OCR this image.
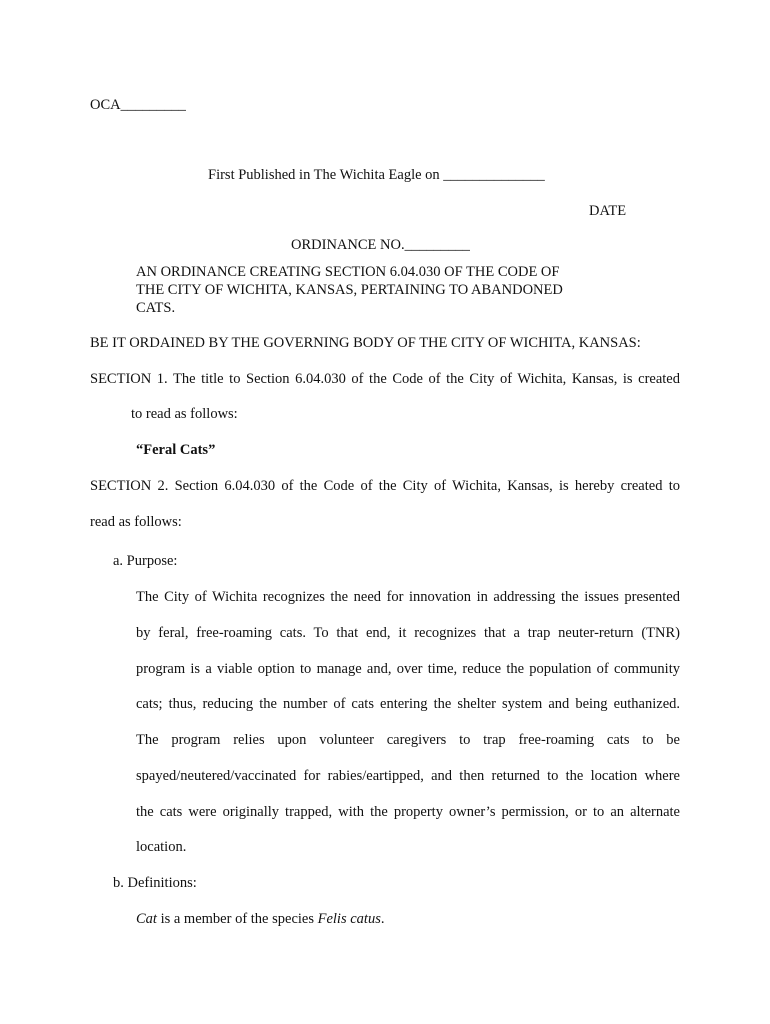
OCA_________
First Published in The Wichita Eagle on ______________
DATE
ORDINANCE NO._________
AN ORDINANCE CREATING SECTION 6.04.030 OF THE CODE OF
THE CITY OF WICHITA, KANSAS, PERTAINING TO ABANDONED
CATS.
BE IT ORDAINED BY THE GOVERNING BODY OF THE CITY OF WICHITA, KANSAS:
SECTION 1. The title to Section 6.04.030 of the Code of the City of Wichita, Kansas, is created
to read as follows:
“Feral Cats”
SECTION 2. Section 6.04.030 of the Code of the City of Wichita, Kansas, is hereby created to
read as follows:
a. Purpose:
The City of Wichita recognizes the need for innovation in addressing the issues presented
by feral, free-roaming cats. To that end, it recognizes that a trap neuter-return (TNR)
program is a viable option to manage and, over time, reduce the population of community
cats; thus, reducing the number of cats entering the shelter system and being euthanized.
The program relies upon volunteer caregivers to trap free-roaming cats to be
spayed/neutered/vaccinated for rabies/eartipped, and then returned to the location where
the cats were originally trapped, with the property owner’s permission, or to an alternate
location.
b. Definitions:
Cat is a member of the species Felis catus.
